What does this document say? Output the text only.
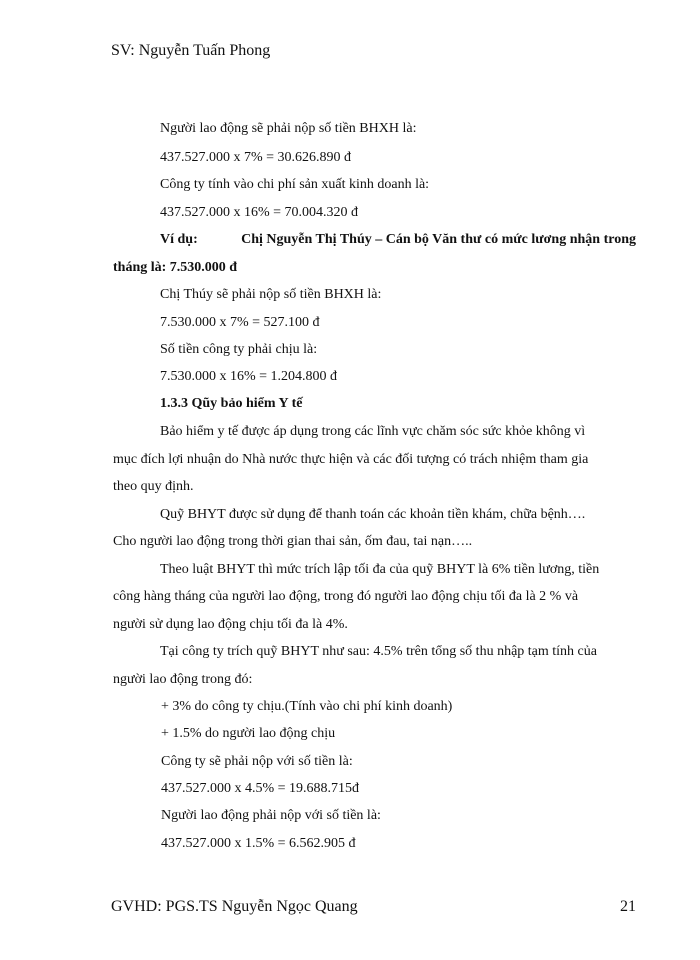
SV: Nguyễn Tuấn Phong
Người lao động sẽ phải nộp số tiền BHXH là:
437.527.000 x 7% = 30.626.890 đ
Công ty tính vào chi phí sản xuất kinh doanh là:
437.527.000 x 16% = 70.004.320 đ
Ví dụ:	Chị Nguyễn Thị Thúy – Cán bộ Văn thư có mức lương nhận trong
tháng là: 7.530.000 đ
Chị Thúy sẽ phải nộp số tiền BHXH là:
7.530.000 x 7% = 527.100 đ
Số tiền công ty phải chịu là:
7.530.000 x 16% = 1.204.800 đ
1.3.3 Qũy bảo hiểm Y tế
Bảo hiểm y tế được áp dụng trong các lĩnh vực chăm sóc sức khỏe không vì
mục đích lợi nhuận do Nhà nước thực hiện và các đối tượng có trách nhiệm tham gia
theo quy định.
Quỹ BHYT được sử dụng để thanh toán các khoản tiền khám, chữa bệnh….
Cho người lao động trong thời gian thai sản, ốm đau, tai nạn…..
Theo luật BHYT thì mức trích lập tối đa của quỹ BHYT là 6% tiền lương, tiền
công hàng tháng của người lao động, trong đó người lao động chịu tối đa là 2 % và
người sử dụng lao động chịu tối đa là 4%.
Tại công ty trích quỹ BHYT như sau: 4.5% trên tổng số thu nhập tạm tính của
người lao động trong đó:
+ 3% do công ty chịu.(Tính vào chi phí kinh doanh)
+ 1.5% do người lao động chịu
Công ty sẽ phải nộp với số tiền là:
437.527.000 x 4.5% = 19.688.715đ
Người lao động phải nộp với số tiền là:
437.527.000 x 1.5% = 6.562.905 đ
GVHD: PGS.TS Nguyễn Ngọc Quang	21
